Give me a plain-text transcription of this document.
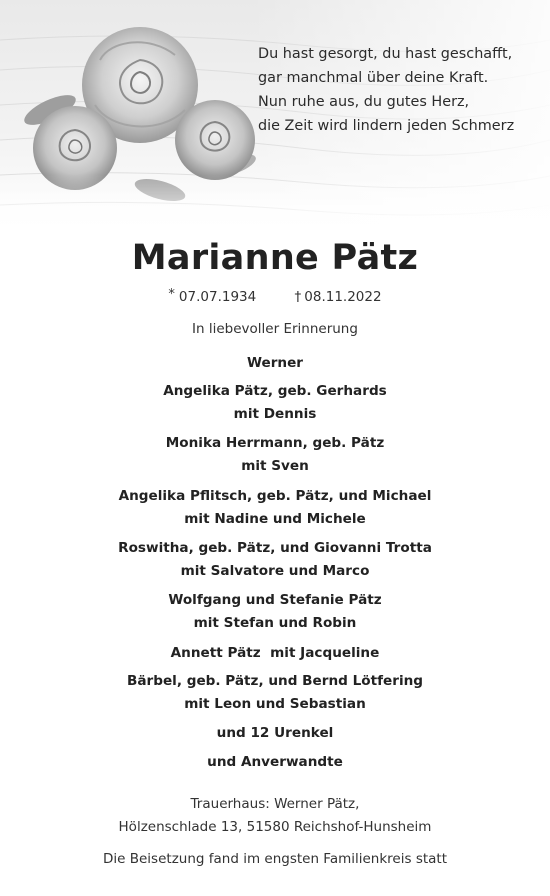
Du hast gesorgt, du hast geschafft,
gar manchmal über deine Kraft.
Nun ruhe aus, du gutes Herz,
die Zeit wird lindern jeden Schmerz
Marianne Pätz
* 07.07.1934	† 08.11.2022
In liebevoller Erinnerung
Werner
Angelika Pätz, geb. Gerhards
mit Dennis
Monika Herrmann, geb. Pätz
mit Sven
Angelika Pflitsch, geb. Pätz, und Michael
mit Nadine und Michele
Roswitha, geb. Pätz, und Giovanni Trotta
mit Salvatore und Marco
Wolfgang und Stefanie Pätz
mit Stefan und Robin
Annett Pätz  mit Jacqueline
Bärbel, geb. Pätz, und Bernd Lötfering
mit Leon und Sebastian
und 12 Urenkel
und Anverwandte
Trauerhaus: Werner Pätz,
Hölzenschlade 13, 51580 Reichshof-Hunsheim
Die Beisetzung fand im engsten Familienkreis statt
